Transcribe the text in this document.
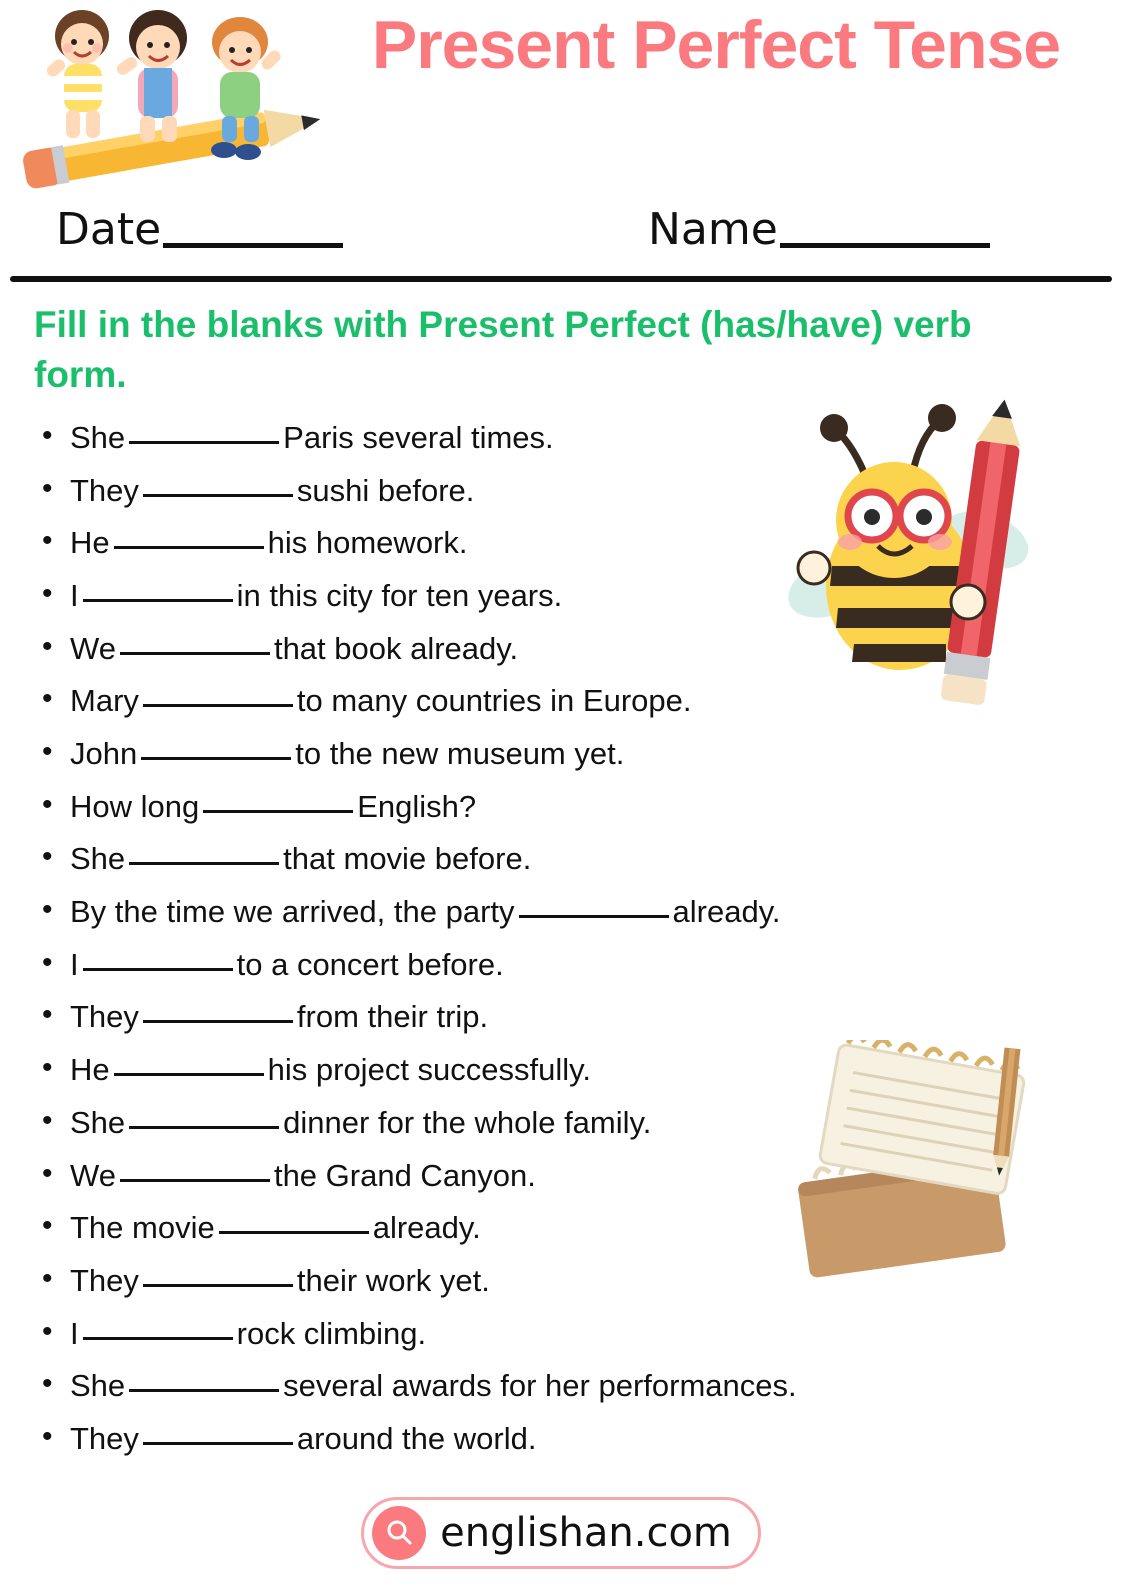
Present Perfect Tense
Date	Name
Fill in the blanks with Present Perfect (has/have) verb form.
• She	Paris several times.
• They	sushi before.
• He	his homework.
• I	in this city for ten years.
• We	that book already.
• Mary	to many countries in Europe.
• John	to the new museum yet.
• How long	English?
• She	that movie before.
• By the time we arrived, the party	already.
• I	to a concert before.
• They	from their trip.
• He	his project successfully.
• She	dinner for the whole family.
• We	the Grand Canyon.
• The movie	already.
• They	their work yet.
• I	rock climbing.
• She	several awards for her performances.
• They	around the world.
englishan.com
